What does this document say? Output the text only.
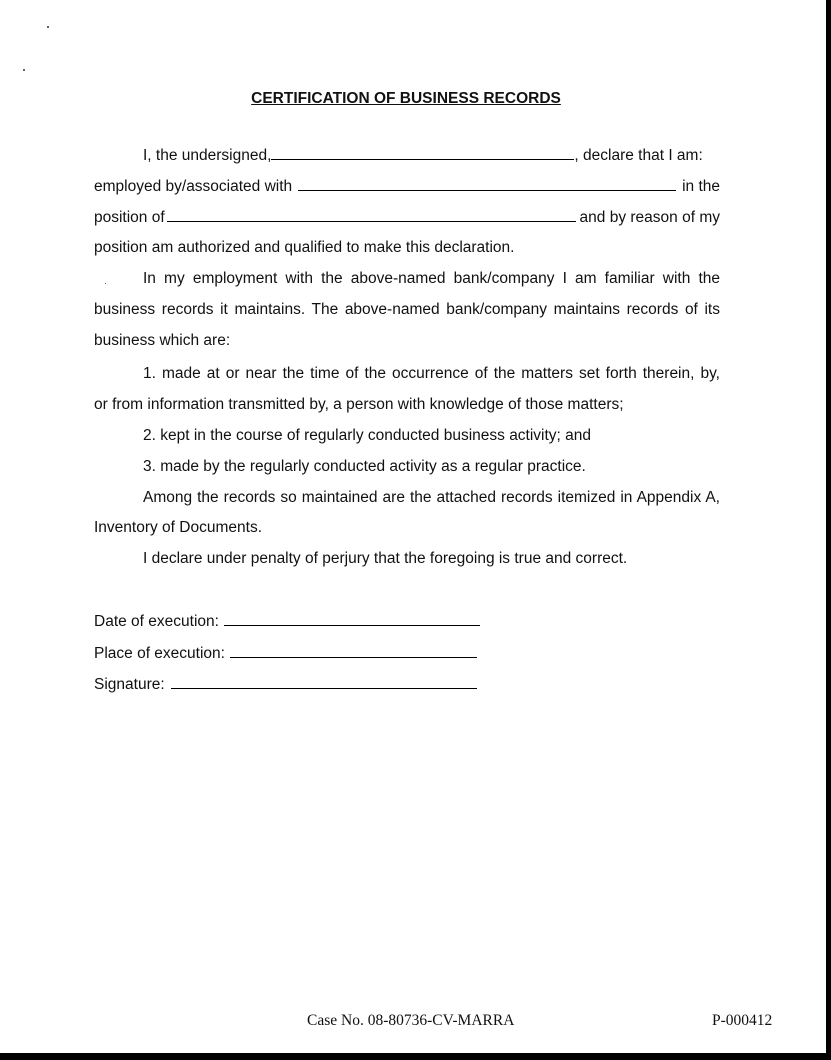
CERTIFICATION OF BUSINESS RECORDS
I, the undersigned,	, declare that I am:
employed by/associated with	in the
position of	and by reason of my
position am authorized and qualified to make this declaration.
In my employment with the above-named bank/company I am familiar with the
business records it maintains. The above-named bank/company maintains records of its
business which are:
1. made at or near the time of the occurrence of the matters set forth therein, by,
or from information transmitted by, a person with knowledge of those matters;
2. kept in the course of regularly conducted business activity; and
3. made by the regularly conducted activity as a regular practice.
Among the records so maintained are the attached records itemized in Appendix A,
Inventory of Documents.
I declare under penalty of perjury that the foregoing is true and correct.
Date of execution:
Place of execution:
Signature:
Case No. 08-80736-CV-MARRA	P-000412
